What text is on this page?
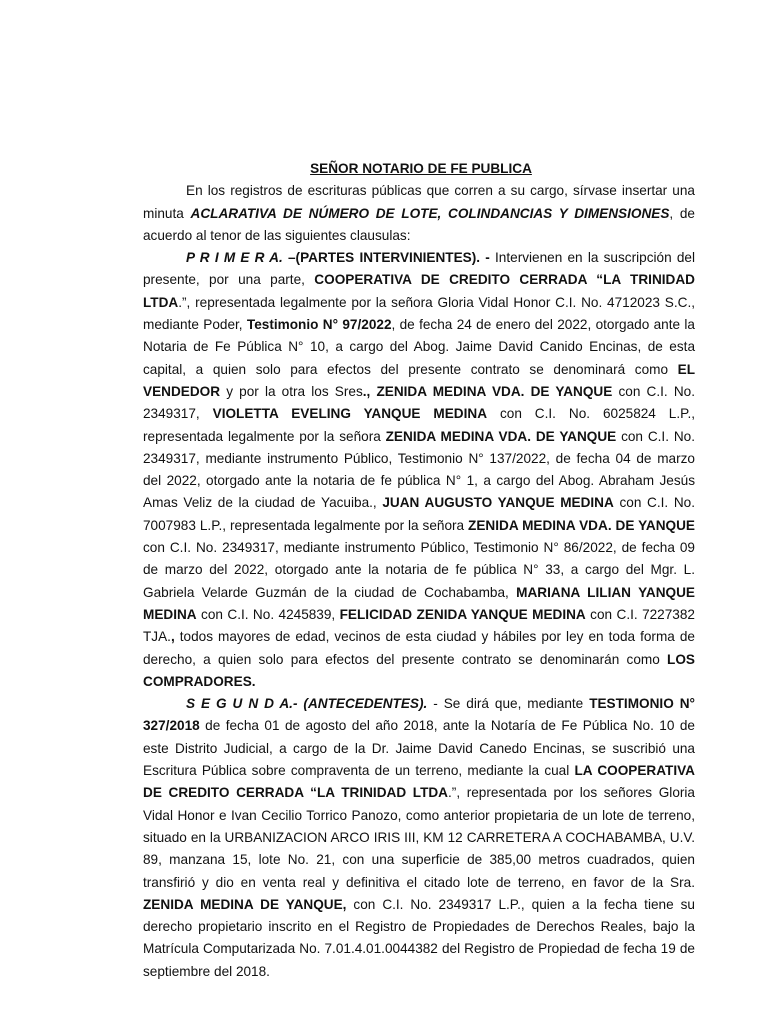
SEÑOR NOTARIO DE FE PUBLICA

En los registros de escrituras públicas que corren a su cargo, sírvase insertar una minuta ACLARATIVA DE NÚMERO DE LOTE, COLINDANCIAS Y DIMENSIONES, de acuerdo al tenor de las siguientes clausulas:

P R I M E R A. –(PARTES INTERVINIENTES). - Intervienen en la suscripción del presente, por una parte, COOPERATIVA DE CREDITO CERRADA “LA TRINIDAD LTDA.”, representada legalmente por la señora Gloria Vidal Honor C.I. No. 4712023 S.C., mediante Poder, Testimonio N° 97/2022, de fecha 24 de enero del 2022, otorgado ante la Notaria de Fe Pública N° 10, a cargo del Abog. Jaime David Canido Encinas, de esta capital, a quien solo para efectos del presente contrato se denominará como EL VENDEDOR y por la otra los Sres., ZENIDA MEDINA VDA. DE YANQUE con C.I. No. 2349317, VIOLETTA EVELING YANQUE MEDINA con C.I. No. 6025824 L.P., representada legalmente por la señora ZENIDA MEDINA VDA. DE YANQUE con C.I. No. 2349317, mediante instrumento Público, Testimonio N° 137/2022, de fecha 04 de marzo del 2022, otorgado ante la notaria de fe pública N° 1, a cargo del Abog. Abraham Jesús Amas Veliz de la ciudad de Yacuiba., JUAN AUGUSTO YANQUE MEDINA con C.I. No. 7007983 L.P., representada legalmente por la señora ZENIDA MEDINA VDA. DE YANQUE con C.I. No. 2349317, mediante instrumento Público, Testimonio N° 86/2022, de fecha 09 de marzo del 2022, otorgado ante la notaria de fe pública N° 33, a cargo del Mgr. L. Gabriela Velarde Guzmán de la ciudad de Cochabamba, MARIANA LILIAN YANQUE MEDINA con C.I. No. 4245839, FELICIDAD ZENIDA YANQUE MEDINA con C.I. 7227382 TJA., todos mayores de edad, vecinos de esta ciudad y hábiles por ley en toda forma de derecho, a quien solo para efectos del presente contrato se denominarán como LOS COMPRADORES.

S E G U N D A.- (ANTECEDENTES). - Se dirá que, mediante TESTIMONIO N° 327/2018 de fecha 01 de agosto del año 2018, ante la Notaría de Fe Pública No. 10 de este Distrito Judicial, a cargo de la Dr. Jaime David Canedo Encinas, se suscribió una Escritura Pública sobre compraventa de un terreno, mediante la cual LA COOPERATIVA DE CREDITO CERRADA “LA TRINIDAD LTDA.”, representada por los señores Gloria Vidal Honor e Ivan Cecilio Torrico Panozo, como anterior propietaria de un lote de terreno, situado en la URBANIZACION ARCO IRIS III, KM 12 CARRETERA A COCHABAMBA, U.V. 89, manzana 15, lote No. 21, con una superficie de 385,00 metros cuadrados, quien transfirió y dio en venta real y definitiva el citado lote de terreno, en favor de la Sra. ZENIDA MEDINA DE YANQUE, con C.I. No. 2349317 L.P., quien a la fecha tiene su derecho propietario inscrito en el Registro de Propiedades de Derechos Reales, bajo la Matrícula Computarizada No. 7.01.4.01.0044382 del Registro de Propiedad de fecha 19 de septiembre del 2018.
